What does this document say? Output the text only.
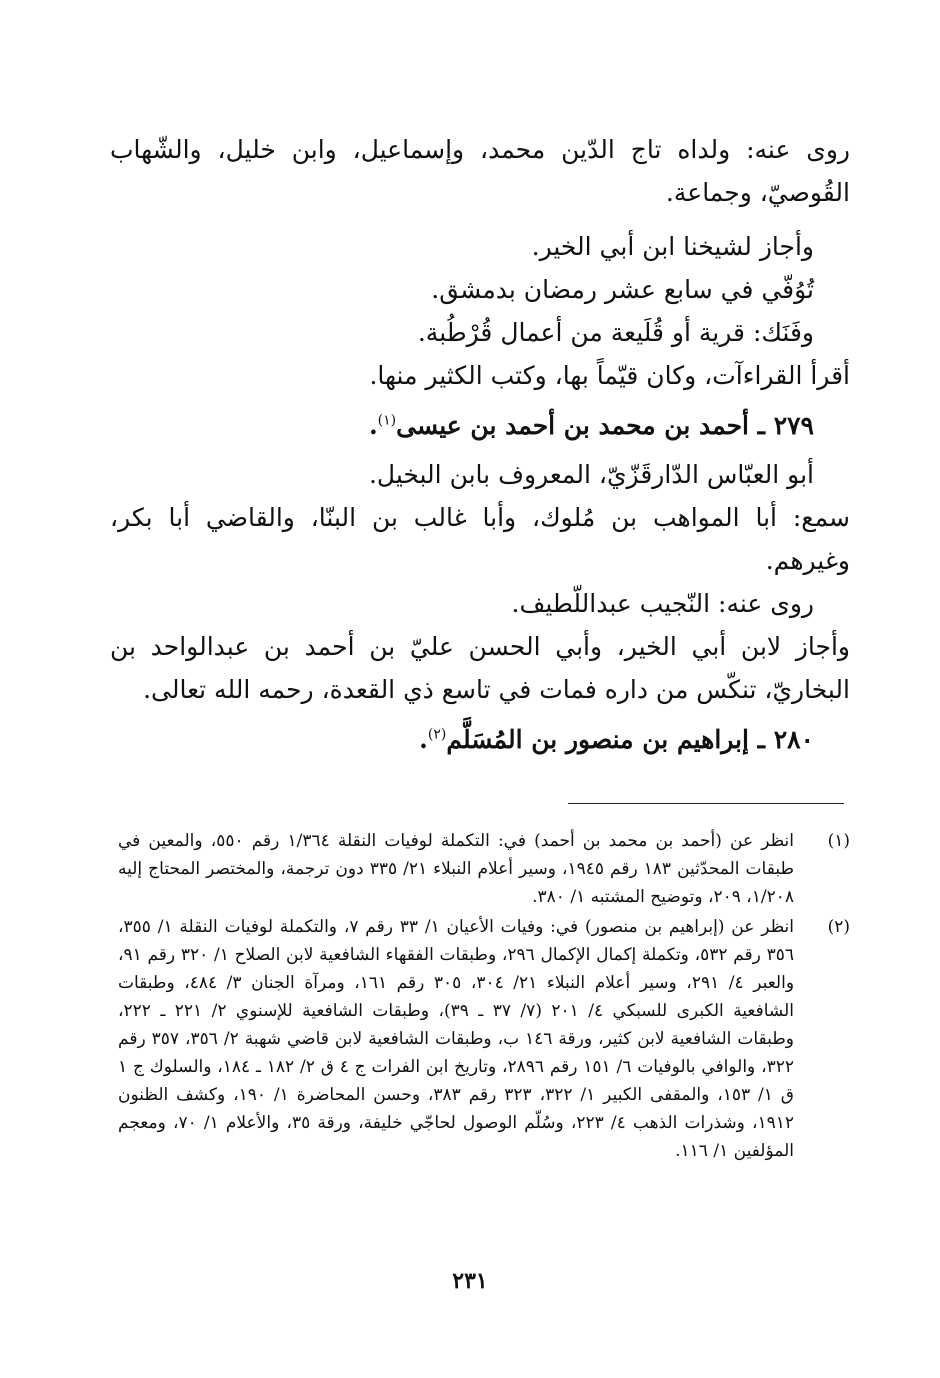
روى عنه: ولداه تاج الدّين محمد، وإسماعيل، وابن خليل، والشّهاب القُوصيّ، وجماعة.

وأجاز لشيخنا ابن أبي الخير.

تُوُفّي في سابع عشر رمضان بدمشق.

وفَنَك: قرية أو قُلَيعة من أعمال قُرْطُبة.

أقرأ القراءآت، وكان قيّماً بها، وكتب الكثير منها.

٢٧٩ ـ أحمد بن محمد بن أحمد بن عيسى$^{(١)}$.

أبو العبّاس الدّارقَزّيّ، المعروف بابن البخيل.

سمع: أبا المواهب بن مُلوك، وأبا غالب بن البنّا، والقاضي أبا بكر، وغيرهم.

روى عنه: النّجيب عبداللّطيف.

وأجاز لابن أبي الخير، وأبي الحسن عليّ بن أحمد بن عبدالواحد بن البخاريّ، تنكّس من داره فمات في تاسع ذي القعدة، رحمه الله تعالى.

٢٨٠ ـ إبراهيم بن منصور بن المُسَلَّم$^{(٢)}$.
(١)
انظر عن (أحمد بن محمد بن أحمد) في: التكملة لوفيات النقلة ١/٣٦٤ رقم ٥٥٠، والمعين في طبقات المحدّثين ١٨٣ رقم ١٩٤٥، وسير أعلام النبلاء ٢١/ ٣٣٥ دون ترجمة، والمختصر المحتاج إليه ١/٢٠٨، ٢٠٩، وتوضيح المشتبه ١/ ٣٨٠.
(٢)
انظر عن (إبراهيم بن منصور) في: وفيات الأعيان ١/ ٣٣ رقم ٧، والتكملة لوفيات النقلة ١/ ٣٥٥، ٣٥٦ رقم ٥٣٢، وتكملة إكمال الإكمال ٢٩٦، وطبقات الفقهاء الشافعية لابن الصلاح ١/ ٣٢٠ رقم ٩١، والعبر ٤/ ٢٩١، وسير أعلام النبلاء ٢١/ ٣٠٤، ٣٠٥ رقم ١٦١، ومرآة الجنان ٣/ ٤٨٤، وطبقات الشافعية الكبرى للسبكي ٤/ ٢٠١ (٧/ ٣٧ ـ ٣٩)، وطبقات الشافعية للإسنوي ٢/ ٢٢١ ـ ٢٢٢، وطبقات الشافعية لابن كثير، ورقة ١٤٦ ب، وطبقات الشافعية لابن قاضي شهبة ٢/ ٣٥٦، ٣٥٧ رقم ٣٢٢، والوافي بالوفيات ٦/ ١٥١ رقم ٢٨٩٦، وتاريخ ابن الفرات ج ٤ ق ٢/ ١٨٢ ـ ١٨٤، والسلوك ج ١ ق ١/ ١٥٣، والمقفى الكبير ١/ ٣٢٢، ٣٢٣ رقم ٣٨٣، وحسن المحاضرة ١/ ١٩٠، وكشف الظنون ١٩١٢، وشذرات الذهب ٤/ ٢٢٣، وسُلّم الوصول لحاجّي خليفة، ورقة ٣٥، والأعلام ١/ ٧٠، ومعجم المؤلفين ١/ ١١٦.
٢٣١
